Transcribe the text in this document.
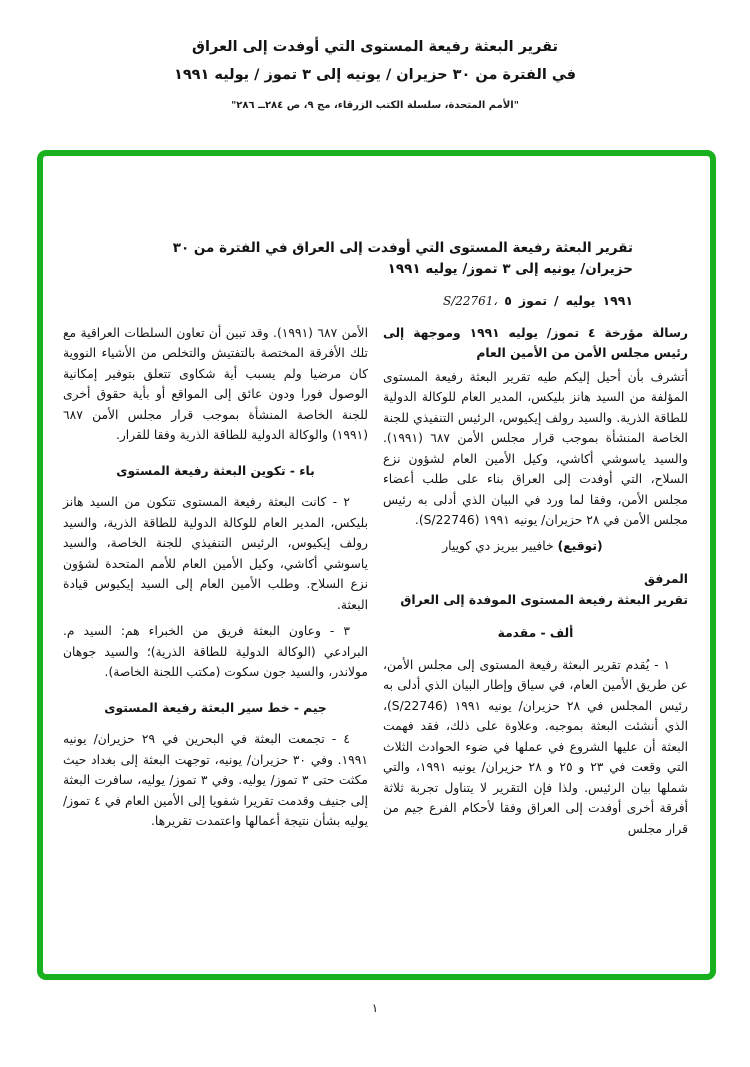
تقرير البعثة رفيعة المستوى التي أوفدت إلى العراق
في الفترة من ٣٠ حزيران / يونيه إلى ٣ تموز / يوليه ١٩٩١
"الأمم المتحدة، سلسلة الكتب الزرقاء، مج ٩، ص ٢٨٤ــ ٢٨٦"
تقرير البعثة رفيعة المستوى التي أوفدت إلى العراق في الفترة من ٣٠ حزيران/ يونيه إلى ٣ تموز/ يوليه ١٩٩١
S/22761، ٥ تموز / يوليه ١٩٩١

رسالة مؤرخة ٤ تموز/ يوليه ١٩٩١ وموجهة إلى رئيس مجلس الأمن من الأمين العام

أتشرف بأن أحيل إليكم طيه تقرير البعثة رفيعة المستوى المؤلفة من السيد هانز بليكس، المدير العام للوكالة الدولية للطاقة الذرية. والسيد رولف إيكيوس، الرئيس التنفيذي للجنة الخاصة المنشأة بموجب قرار مجلس الأمن ٦٨٧ (١٩٩١). والسيد ياسوشي أكاشي، وكيل الأمين العام لشؤون نزع السلاح، التي أوفدت إلى العراق بناء على طلب أعضاء مجلس الأمن، وفقا لما ورد في البيان الذي أدلى به رئيس مجلس الأمن في ٢٨ حزيران/ يونيه ١٩٩١ (S/22746).

(توقيع) خافيير بيريز دي كوييار

المرفق

تقرير البعثة رفيعة المستوى الموفدة إلى العراق

ألف - مقدمة

١ - يُقدم تقرير البعثة رفيعة المستوى إلى مجلس الأمن، عن طريق الأمين العام، في سياق وإطار البيان الذي أدلى به رئيس المجلس في ٢٨ حزيران/ يونيه ١٩٩١ (S/22746)، الذي أنشئت البعثة بموجبه. وعلاوة على ذلك، فقد فهمت البعثة أن عليها الشروع في عملها في ضوء الحوادث الثلاث التي وقعت في ٢٣ و ٢٥ و ٢٨ حزيران/ يونيه ١٩٩١، والتي شملها بيان الرئيس. ولذا فإن التقرير لا يتناول تجربة ثلاثة أفرقة أخرى أوفدت إلى العراق وفقا لأحكام الفرع جيم من قرار مجلس

الأمن ٦٨٧ (١٩٩١). وقد تبين أن تعاون السلطات العراقية مع تلك الأفرقة المختصة بالتفتيش والتخلص من الأشياء النووية كان مرضيا ولم يسبب أية شكاوى تتعلق بتوفير إمكانية الوصول فورا ودون عائق إلى المواقع أو بأية حقوق أخرى للجنة الخاصة المنشأة بموجب قرار مجلس الأمن ٦٨٧ (١٩٩١) والوكالة الدولية للطاقة الذرية وفقا للقرار.

باء - تكوين البعثة رفيعة المستوى

٢ - كانت البعثة رفيعة المستوى تتكون من السيد هانز بليكس، المدير العام للوكالة الدولية للطاقة الذرية، والسيد رولف إيكيوس، الرئيس التنفيذي للجنة الخاصة، والسيد ياسوشي أكاشي، وكيل الأمين العام للأمم المتحدة لشؤون نزع السلاح. وطلب الأمين العام إلى السيد إيكيوس قيادة البعثة.

٣ - وعاون البعثة فريق من الخبراء هم: السيد م. البرادعي (الوكالة الدولية للطاقة الذرية)؛ والسيد جوهان مولاندر، والسيد جون سكوت (مكتب اللجنة الخاصة).

جيم - خط سير البعثة رفيعة المستوى

٤ - تجمعت البعثة في البحرين في ٢٩ حزيران/ يونيه ١٩٩١. وفي ٣٠ حزيران/ يونيه، توجهت البعثة إلى بغداد حيث مكثت حتى ٣ تموز/ يوليه. وفي ٣ تموز/ يوليه، سافرت البعثة إلى جنيف وقدمت تقريرا شفويا إلى الأمين العام في ٤ تموز/ يوليه بشأن نتيجة أعمالها واعتمدت تقريرها.

١
